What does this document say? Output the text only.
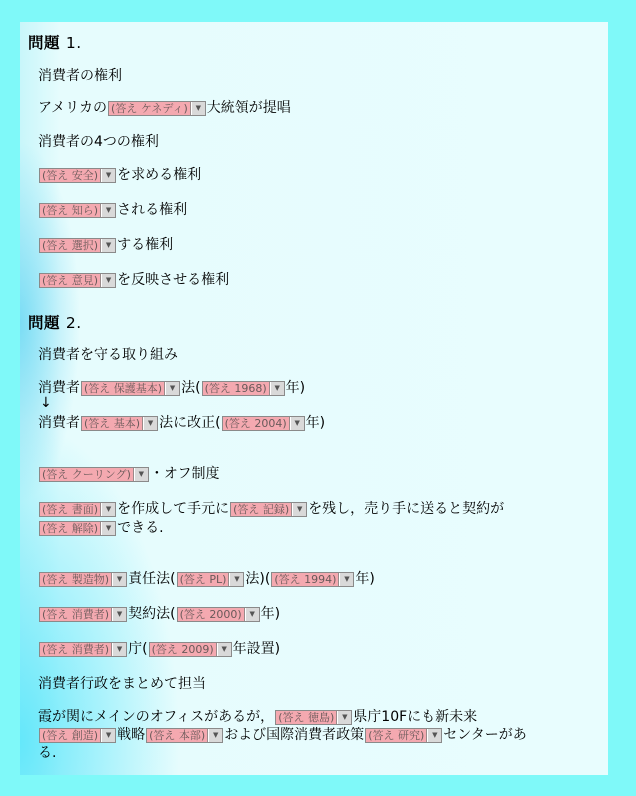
問題 1.
消費者の権利
アメリカの (答え ケネディ)	▼ 大統領が提唱
消費者の4つの権利
(答え 安全)	▼ を求める権利
(答え 知ら)	▼ される権利
(答え 選択)	▼ する権利
(答え 意見)	▼ を反映させる権利
問題 2.
消費者を守る取り組み
消費者 (答え 保護基本)	▼ 法( (答え 1968)	▼ 年)
↓
消費者 (答え 基本)	▼ 法に改正( (答え 2004)	▼ 年)
(答え クーリング)	▼ ・オフ制度
(答え 書面)	▼ を作成して手元に (答え 記録)	▼ を残し，売り手に送ると契約が
(答え 解除)	▼ できる.
(答え 製造物)	▼ 責任法( (答え PL)	▼ 法)( (答え 1994)	▼ 年)
(答え 消費者)	▼ 契約法( (答え 2000)	▼ 年)
(答え 消費者)	▼ 庁( (答え 2009)	▼ 年設置)
消費者行政をまとめて担当
霞が関にメインのオフィスがあるが， (答え 徳島)	▼ 県庁10Fにも新未来
(答え 創造)	▼ 戦略 (答え 本部)	▼ および国際消費者政策 (答え 研究)	▼ センターがあ
る.
